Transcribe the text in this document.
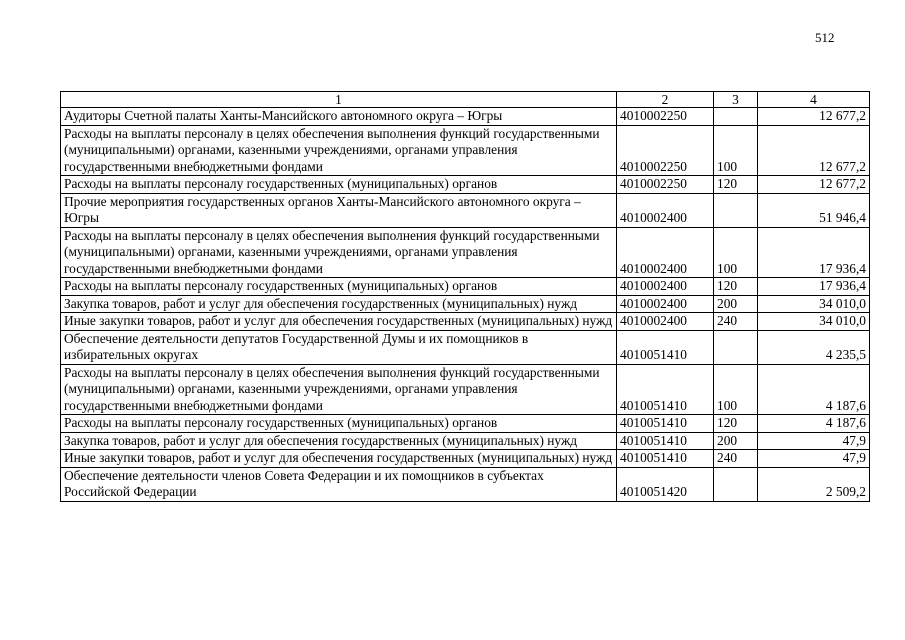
512
1	2	3	4
Аудиторы Счетной палаты Ханты-Мансийского автономного округа – Югры	4010002250		12 677,2
Расходы на выплаты персоналу в целях обеспечения выполнения функций государственными (муниципальными) органами, казенными учреждениями, органами управления государственными внебюджетными фондами	4010002250	100	12 677,2
Расходы на выплаты персоналу государственных (муниципальных) органов	4010002250	120	12 677,2
Прочие мероприятия государственных органов Ханты-Мансийского автономного округа – Югры	4010002400		51 946,4
Расходы на выплаты персоналу в целях обеспечения выполнения функций государственными (муниципальными) органами, казенными учреждениями, органами управления государственными внебюджетными фондами	4010002400	100	17 936,4
Расходы на выплаты персоналу государственных (муниципальных) органов	4010002400	120	17 936,4
Закупка товаров, работ и услуг для обеспечения государственных (муниципальных) нужд	4010002400	200	34 010,0
Иные закупки товаров, работ и услуг для обеспечения государственных (муниципальных) нужд	4010002400	240	34 010,0
Обеспечение деятельности депутатов Государственной Думы и их помощников в избирательных округах	4010051410		4 235,5
Расходы на выплаты персоналу в целях обеспечения выполнения функций государственными (муниципальными) органами, казенными учреждениями, органами управления государственными внебюджетными фондами	4010051410	100	4 187,6
Расходы на выплаты персоналу государственных (муниципальных) органов	4010051410	120	4 187,6
Закупка товаров, работ и услуг для обеспечения государственных (муниципальных) нужд	4010051410	200	47,9
Иные закупки товаров, работ и услуг для обеспечения государственных (муниципальных) нужд	4010051410	240	47,9
Обеспечение деятельности членов Совета Федерации и их помощников в субъектах Российской Федерации	4010051420		2 509,2
